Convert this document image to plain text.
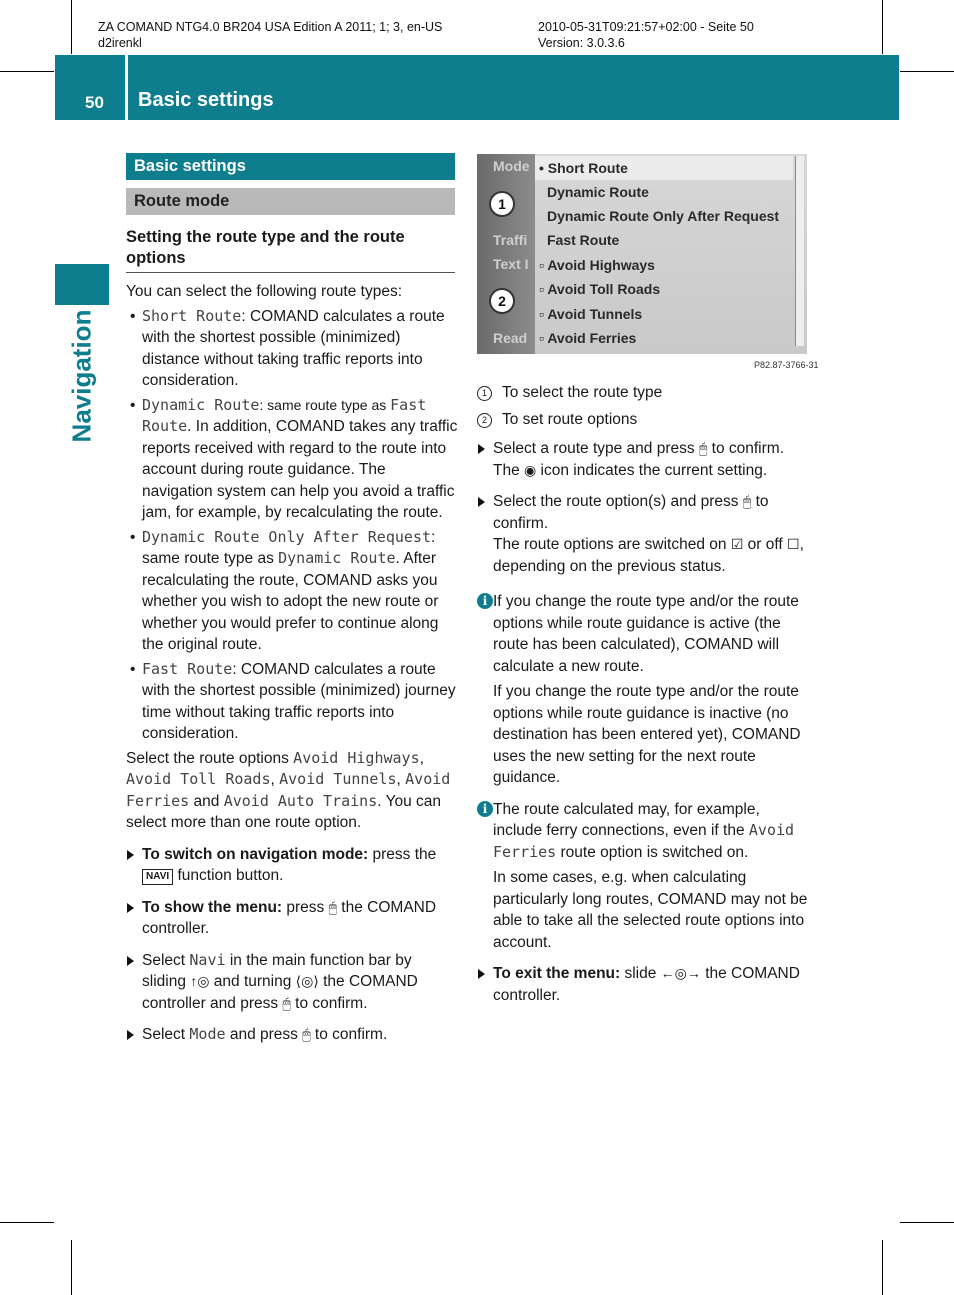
ZA COMAND NTG4.0 BR204 USA Edition A 2011; 1; 3, en-US
d2irenkl
2010-05-31T09:21:57+02:00 - Seite 50
Version: 3.0.3.6
50 Basic settings
Navigation
Basic settings
Route mode
Setting the route type and the route options

You can select the following route types:

• Short Route: COMAND calculates a route with the shortest possible (minimized) distance without taking traffic reports into consideration.
• Dynamic Route: same route type as Fast Route. In addition, COMAND takes any traffic reports received with regard to the route into account during route guidance. The navigation system can help you avoid a traffic jam, for example, by recalculating the route.
• Dynamic Route Only After Request: same route type as Dynamic Route. After recalculating the route, COMAND asks you whether you wish to adopt the new route or whether you would prefer to continue along the original route.
• Fast Route: COMAND calculates a route with the shortest possible (minimized) journey time without taking traffic reports into consideration.

Select the route options Avoid Highways, Avoid Toll Roads, Avoid Tunnels, Avoid Ferries and Avoid Auto Trains. You can select more than one route option.

To switch on navigation mode: press the NAVI function button.
To show the menu: press 🖱 the COMAND controller.
Select Navi in the main function bar by sliding ↑◎ and turning ⟨◎⟩ the COMAND controller and press 🖱 to confirm.
Select Mode and press 🖱 to confirm.
Mode
Traffi
Text I
Read
• Short Route
Dynamic Route
Dynamic Route Only After Request
Fast Route
▫ Avoid Highways
▫ Avoid Toll Roads
▫ Avoid Tunnels
▫ Avoid Ferries
1
2
P82.87-3766-31

1 To select the route type

2 To set route options

Select a route type and press 🖱 to confirm.
The ◉ icon indicates the current setting.
Select the route option(s) and press 🖱 to confirm.
The route options are switched on ☑ or off ☐, depending on the previous status.
i If you change the route type and/or the route options while route guidance is active (the route has been calculated), COMAND will calculate a new route.

If you change the route type and/or the route options while route guidance is inactive (no destination has been entered yet), COMAND uses the new setting for the next route guidance.

i The route calculated may, for example, include ferry connections, even if the Avoid Ferries route option is switched on.

In some cases, e.g. when calculating particularly long routes, COMAND may not be able to take all the selected route options into account.

To exit the menu: slide ←◎→ the COMAND controller.
